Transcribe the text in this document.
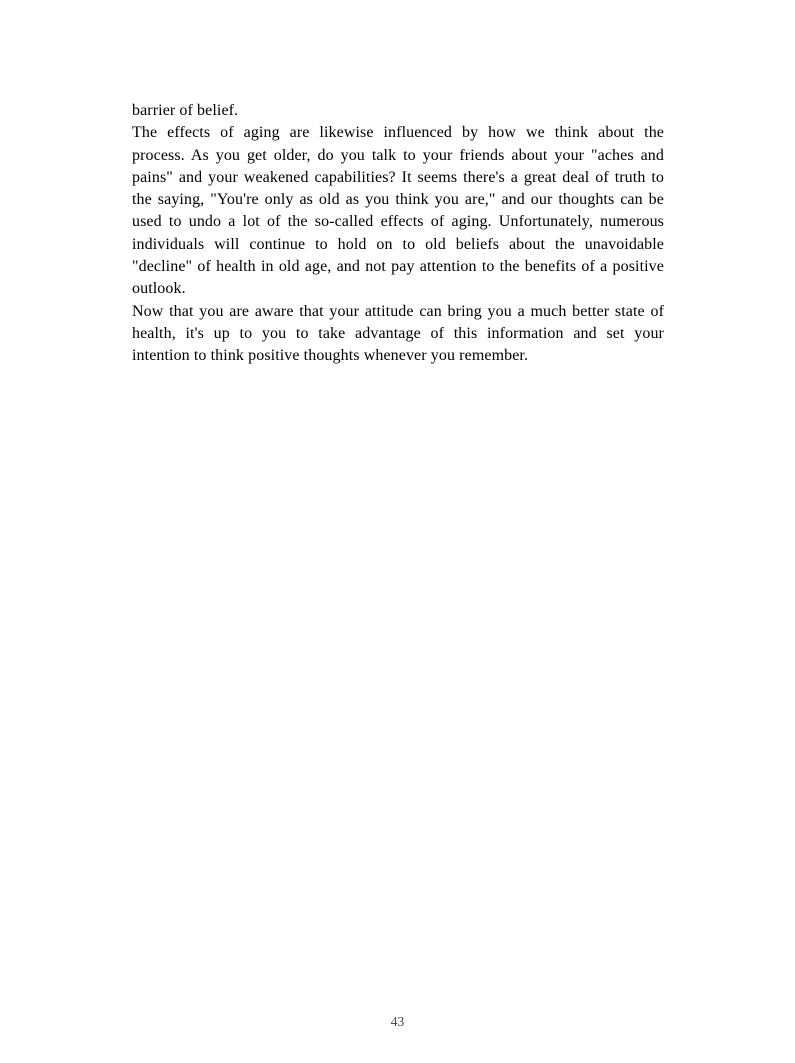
barrier of belief.
The effects of aging are likewise influenced by how we think about the
process. As you get older, do you talk to your friends about your "aches and
pains" and your weakened capabilities? It seems there's a great deal of truth to
the saying, "You're only as old as you think you are," and our thoughts can be
used to undo a lot of the so-called effects of aging. Unfortunately, numerous
individuals will continue to hold on to old beliefs about the unavoidable
"decline" of health in old age, and not pay attention to the benefits of a positive
outlook.
Now that you are aware that your attitude can bring you a much better state of
health, it's up to you to take advantage of this information and set your
intention to think positive thoughts whenever you remember.
43
